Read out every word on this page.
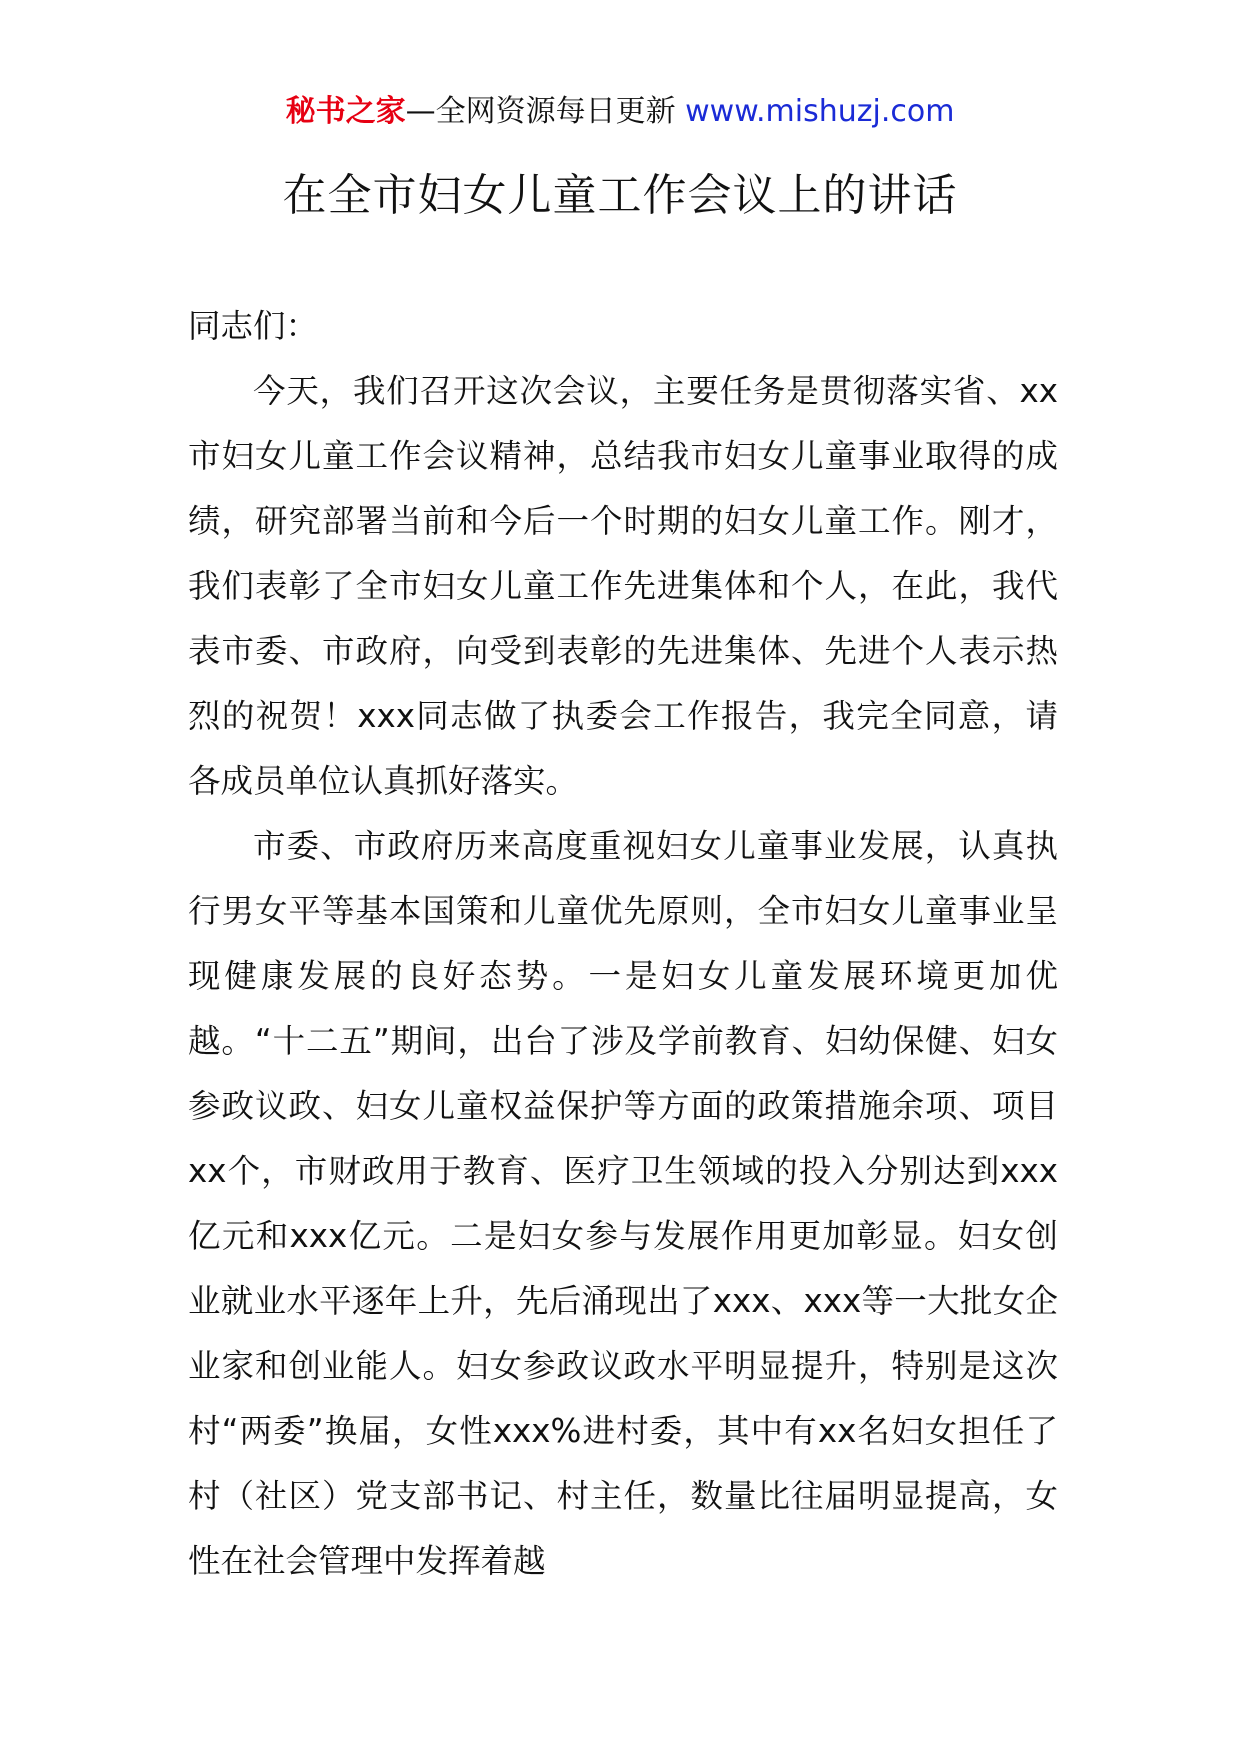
秘书之家—全网资源每日更新 www.mishuzj.com
在全市妇女儿童工作会议上的讲话

同志们：

今天，我们召开这次会议，主要任务是贯彻落实省、xx市妇女儿童工作会议精神，总结我市妇女儿童事业取得的成绩，研究部署当前和今后一个时期的妇女儿童工作。刚才，我们表彰了全市妇女儿童工作先进集体和个人，在此，我代表市委、市政府，向受到表彰的先进集体、先进个人表示热烈的祝贺！xxx同志做了执委会工作报告，我完全同意，请各成员单位认真抓好落实。

市委、市政府历来高度重视妇女儿童事业发展，认真执行男女平等基本国策和儿童优先原则，全市妇女儿童事业呈现健康发展的良好态势。一是妇女儿童发展环境更加优越。“十二五”期间，出台了涉及学前教育、妇幼保健、妇女参政议政、妇女儿童权益保护等方面的政策措施余项、项目xx个，市财政用于教育、医疗卫生领域的投入分别达到xxx亿元和xxx亿元。二是妇女参与发展作用更加彰显。妇女创业就业水平逐年上升，先后涌现出了xxx、xxx等一大批女企业家和创业能人。妇女参政议政水平明显提升，特别是这次村“两委”换届，女性xxx%进村委，其中有xx名妇女担任了村（社区）党支部书记、村主任，数量比往届明显提高，女性在社会管理中发挥着越
